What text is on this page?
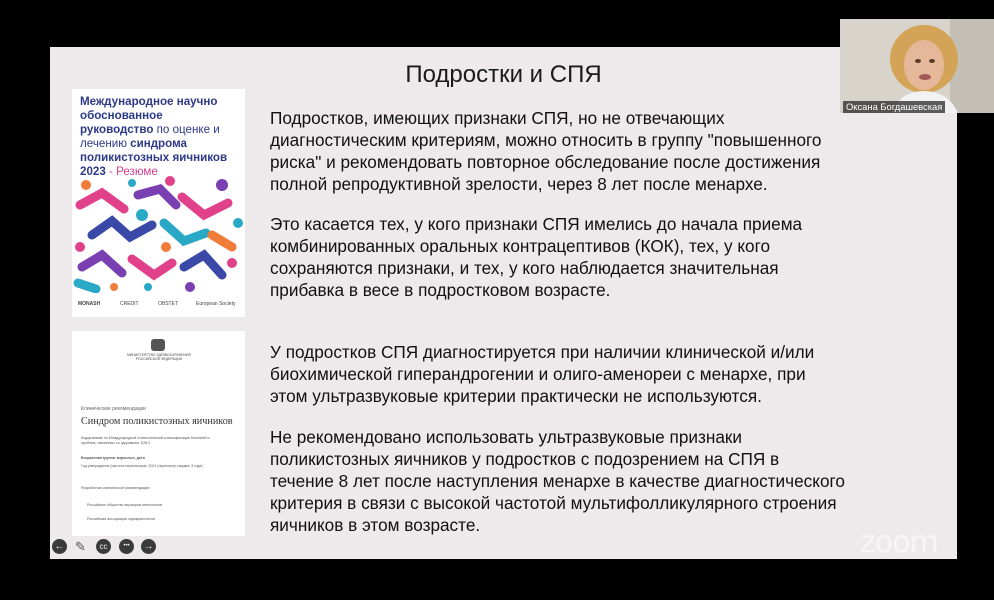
Подростки и СПЯ
Международное научно
обоснованное
руководство по оценке и
лечению синдрома
поликистозных яичников
2023 - Резюме
MONASH	CREDIT	OBSTET	European Society
МИНИСТЕРСТВО ЗДРАВООХРАНЕНИЯ РОССИЙСКОЙ ФЕДЕРАЦИИ
Клинические рекомендации
Синдром поликистозных яичников
Кодирование по Международной статистической классификации болезней и
проблем, связанных со здоровьем: E28.2
Возрастная группа: взрослые, дети
Год утверждения (частота пересмотра): 2021 (пересмотр каждые 3 года)
Разработчик клинической рекомендации:
Российское общество акушеров-гинекологов
Российская ассоциация эндокринологов
Подростков, имеющих признаки СПЯ, но не отвечающих
диагностическим критериям, можно относить в группу "повышенного
риска" и рекомендовать повторное обследование после достижения
полной репродуктивной зрелости, через 8 лет после менархе.
Это касается тех, у кого признаки СПЯ имелись до начала приема
комбинированных оральных контрацептивов (КОК), тех, у кого
сохраняются признаки, и тех, у кого наблюдается значительная
прибавка в весе в подростковом возрасте.
У подростков СПЯ диагностируется при наличии клинической и/или
биохимической гиперандрогении и олиго-аменореи с менархе, при
этом ультразвуковые критерии практически не используются.
Не рекомендовано использовать ультразвуковые признаки
поликистозных яичников у подростков с подозрением на СПЯ в
течение 8 лет после наступления менархе в качестве диагностического
критерия в связи с высокой частотой мультифолликулярного строения
яичников в этом возрасте.
← ✎	cc	•••	→
Оксана Богдашевская
zoom
